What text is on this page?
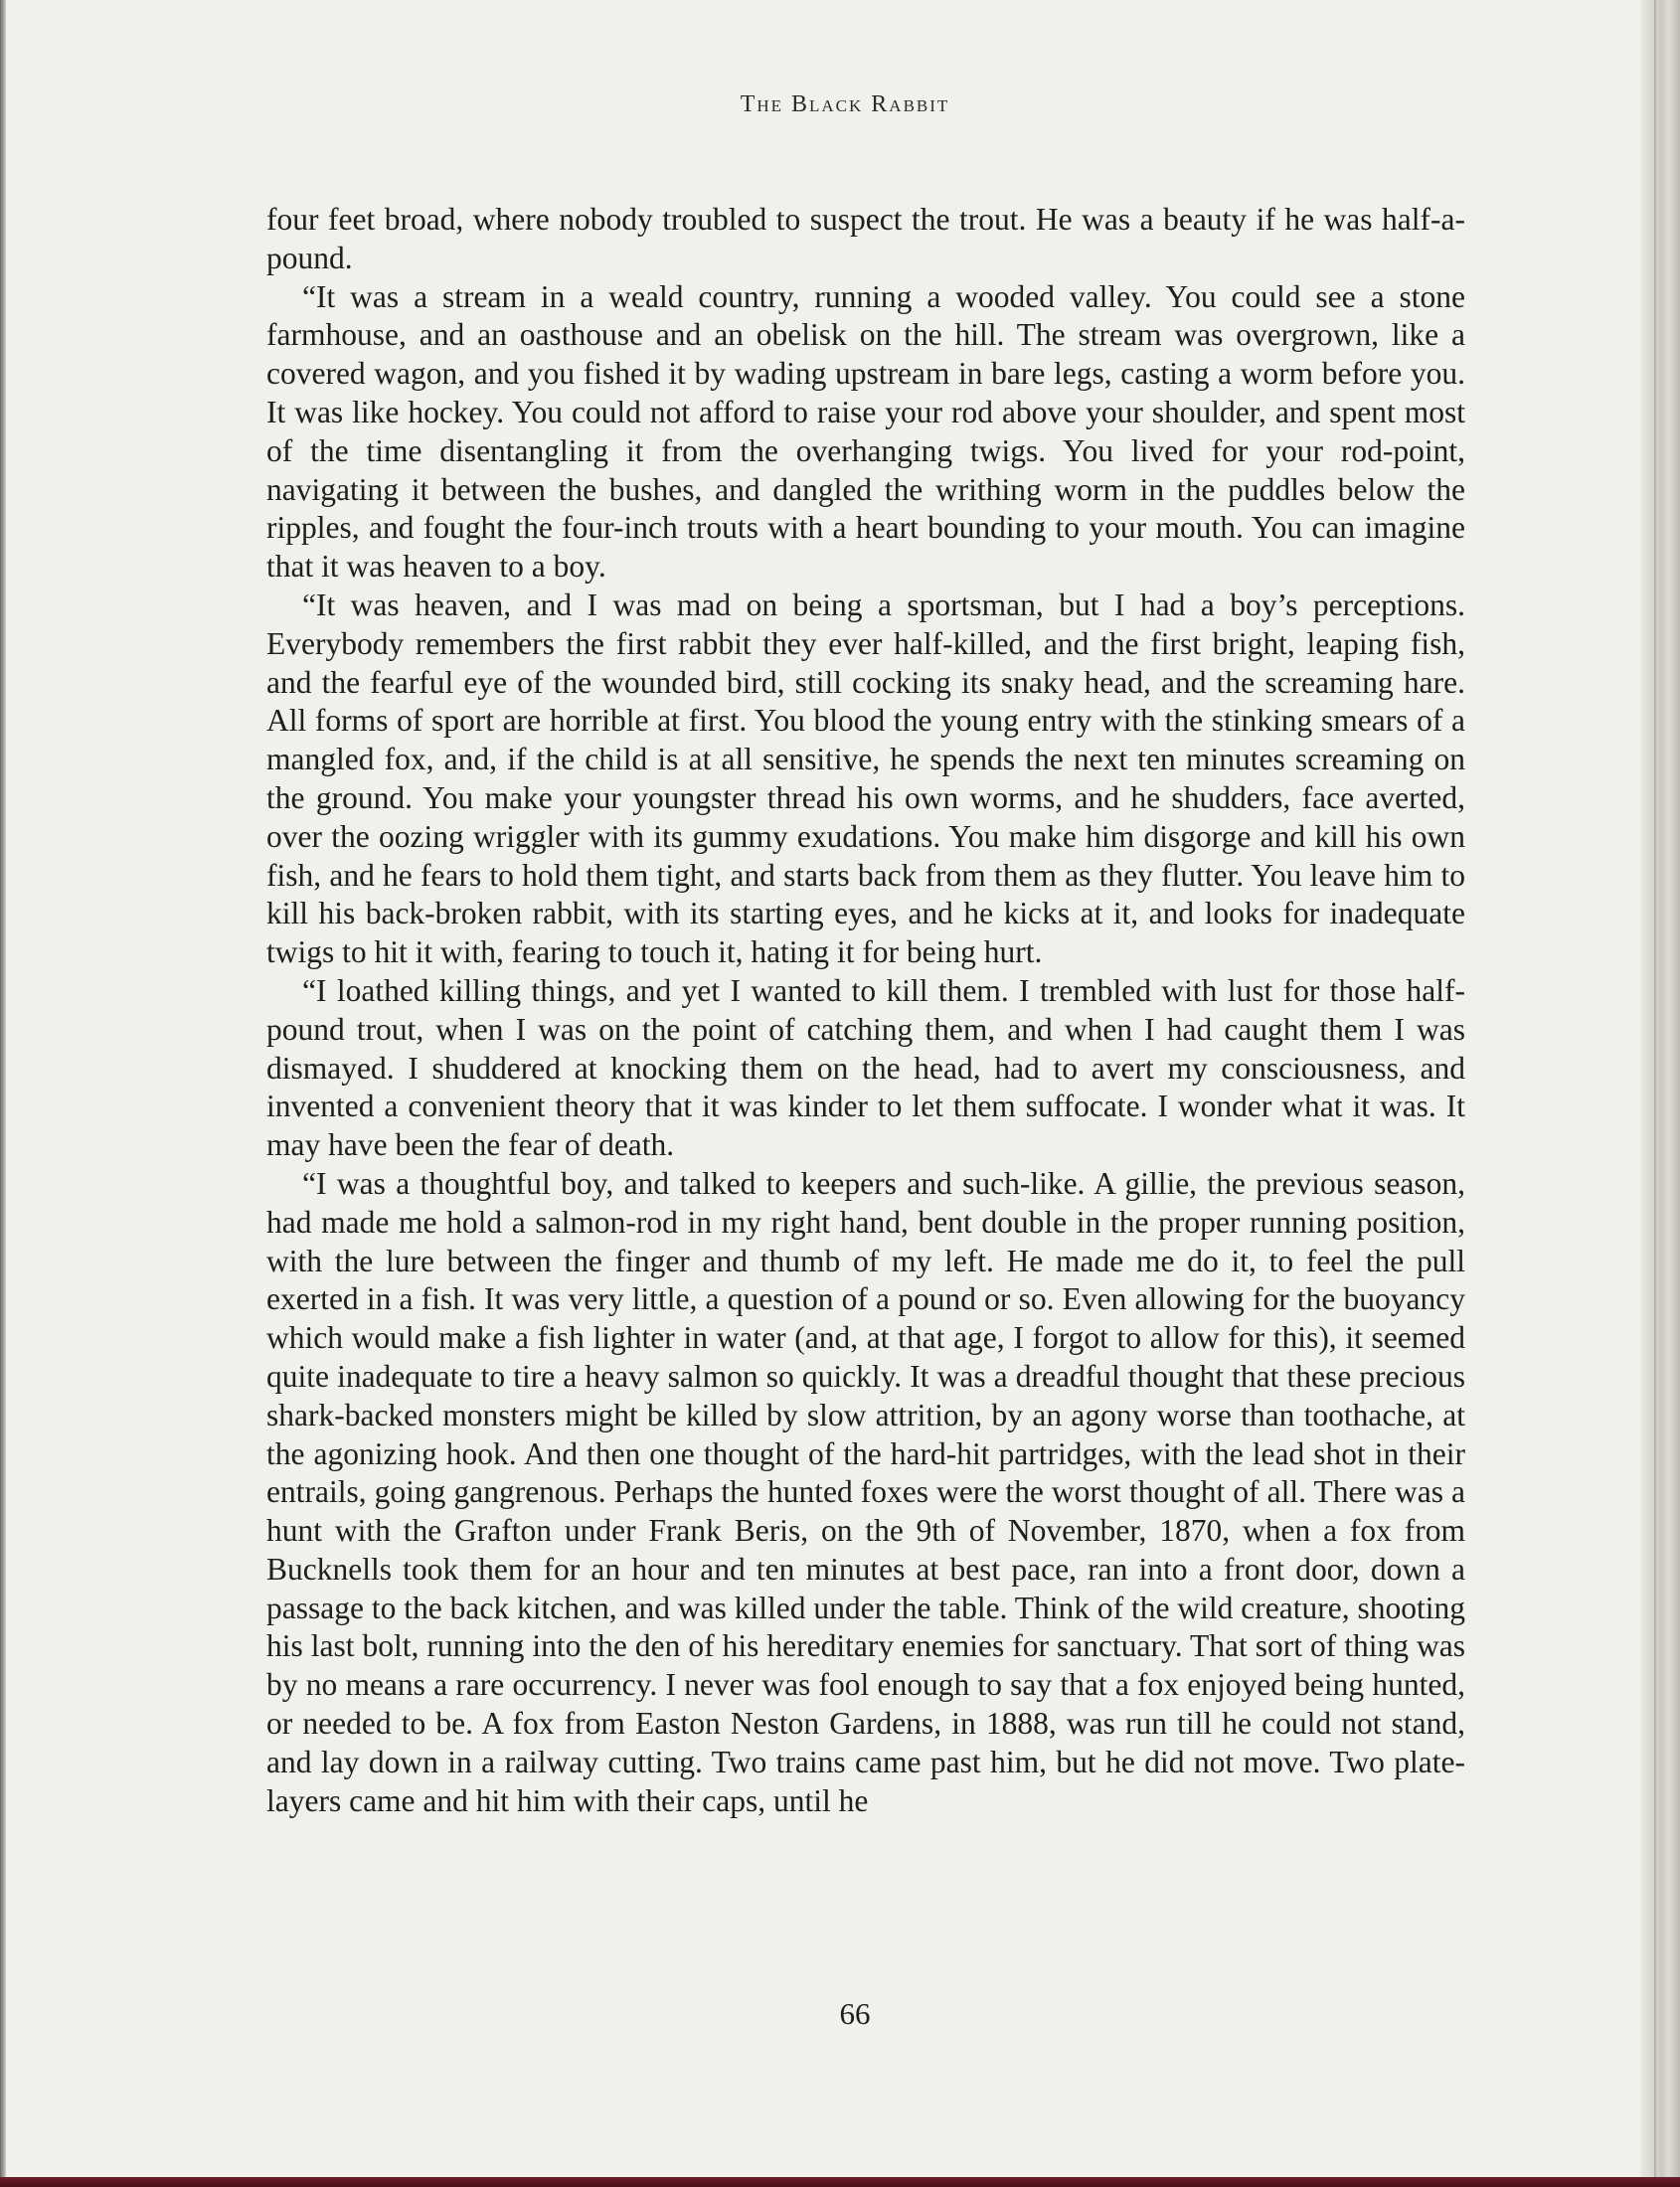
The Black Rabbit

four feet broad, where nobody troubled to suspect the trout. He was a beauty if he was half-a-pound.

“It was a stream in a weald country, running a wooded valley. You could see a stone farmhouse, and an oasthouse and an obelisk on the hill. The stream was overgrown, like a covered wagon, and you fished it by wading upstream in bare legs, casting a worm before you. It was like hockey. You could not afford to raise your rod above your shoulder, and spent most of the time disentangling it from the overhanging twigs. You lived for your rod-point, navigating it between the bushes, and dangled the writhing worm in the puddles below the ripples, and fought the four-inch trouts with a heart bounding to your mouth. You can imagine that it was heaven to a boy.

“It was heaven, and I was mad on being a sportsman, but I had a boy’s perceptions. Everybody remembers the first rabbit they ever half-killed, and the first bright, leaping fish, and the fearful eye of the wounded bird, still cocking its snaky head, and the screaming hare. All forms of sport are horrible at first. You blood the young entry with the stinking smears of a mangled fox, and, if the child is at all sensitive, he spends the next ten minutes screaming on the ground. You make your youngster thread his own worms, and he shudders, face averted, over the oozing wriggler with its gummy exudations. You make him disgorge and kill his own fish, and he fears to hold them tight, and starts back from them as they flutter. You leave him to kill his back-broken rabbit, with its starting eyes, and he kicks at it, and looks for inadequate twigs to hit it with, fearing to touch it, hating it for being hurt.

“I loathed killing things, and yet I wanted to kill them. I trembled with lust for those half-pound trout, when I was on the point of catching them, and when I had caught them I was dismayed. I shuddered at knocking them on the head, had to avert my consciousness, and invented a convenient theory that it was kinder to let them suffocate. I wonder what it was. It may have been the fear of death.

“I was a thoughtful boy, and talked to keepers and such-like. A gillie, the previous season, had made me hold a salmon-rod in my right hand, bent double in the proper running position, with the lure between the finger and thumb of my left. He made me do it, to feel the pull exerted in a fish. It was very little, a question of a pound or so. Even allowing for the buoyancy which would make a fish lighter in water (and, at that age, I forgot to allow for this), it seemed quite inadequate to tire a heavy salmon so quickly. It was a dreadful thought that these precious shark-backed monsters might be killed by slow attrition, by an agony worse than toothache, at the agonizing hook. And then one thought of the hard-hit partridges, with the lead shot in their entrails, going gangrenous. Perhaps the hunted foxes were the worst thought of all. There was a hunt with the Grafton under Frank Beris, on the 9th of November, 1870, when a fox from Bucknells took them for an hour and ten minutes at best pace, ran into a front door, down a passage to the back kitchen, and was killed under the table. Think of the wild creature, shooting his last bolt, running into the den of his hereditary enemies for sanctuary. That sort of thing was by no means a rare occurrency. I never was fool enough to say that a fox enjoyed being hunted, or needed to be. A fox from Easton Neston Gardens, in 1888, was run till he could not stand, and lay down in a railway cutting. Two trains came past him, but he did not move. Two plate-layers came and hit him with their caps, until he

66
